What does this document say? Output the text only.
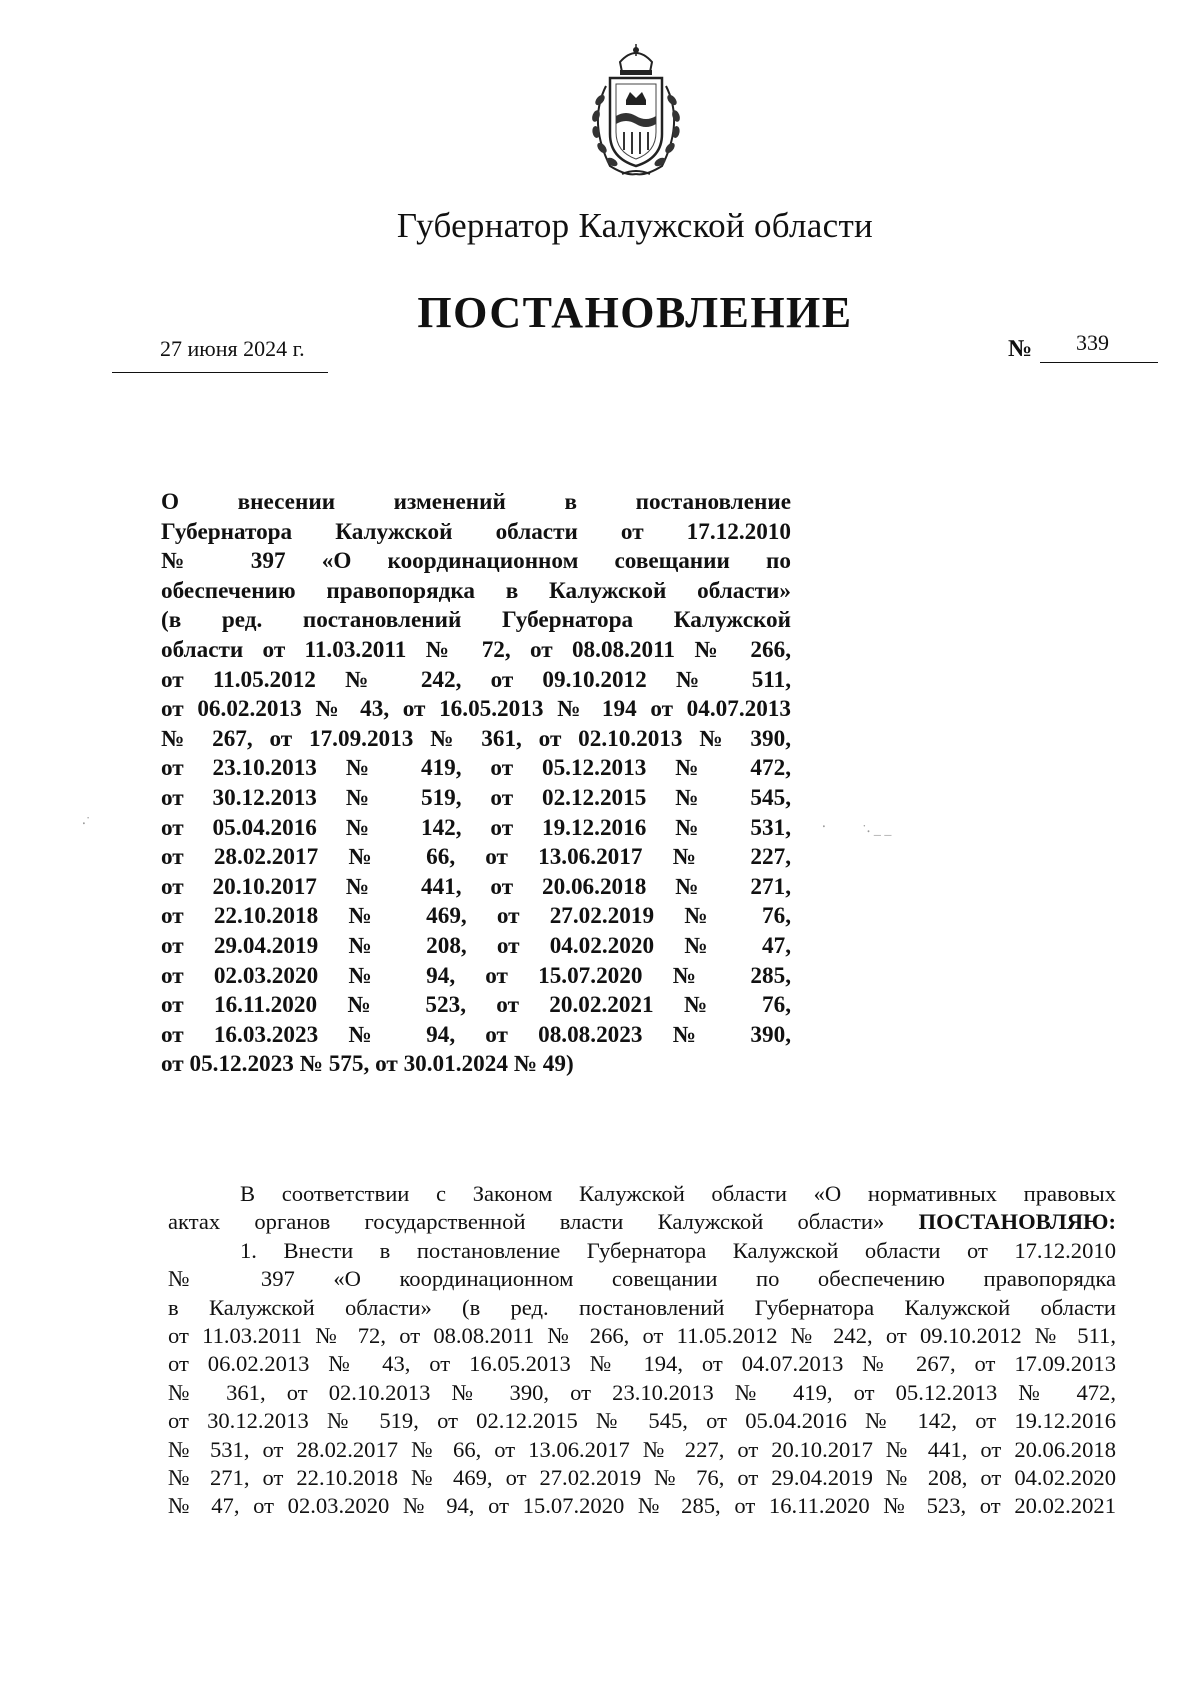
Губернатор Калужской области
ПОСТАНОВЛЕНИЕ
27 июня 2024 г.	№ 339
О внесении изменений в постановление
Губернатора Калужской области от 17.12.2010
№ 397 «О координационном совещании по
обеспечению правопорядка в Калужской области»
(в ред. постановлений Губернатора Калужской
области от 11.03.2011 № 72, от 08.08.2011 № 266,
от 11.05.2012 № 242, от 09.10.2012 № 511,
от 06.02.2013 № 43, от 16.05.2013 № 194 от 04.07.2013
№ 267, от 17.09.2013 № 361, от 02.10.2013 № 390,
от 23.10.2013 № 419, от 05.12.2013 № 472,
от 30.12.2013 № 519, от 02.12.2015 № 545,
от 05.04.2016 № 142, от 19.12.2016 № 531,
от 28.02.2017 № 66, от 13.06.2017 № 227,
от 20.10.2017 № 441, от 20.06.2018 № 271,
от 22.10.2018 № 469, от 27.02.2019 № 76,
от 29.04.2019 № 208, от 04.02.2020 № 47,
от 02.03.2020 № 94, от 15.07.2020 № 285,
от 16.11.2020 № 523, от 20.02.2021 № 76,
от 16.03.2023 № 94, от 08.08.2023 № 390,
от 05.12.2023 № 575, от 30.01.2024 № 49)
⸳˙	⸳	˙⸳ _ _
В соответствии с Законом Калужской области «О нормативных правовых
актах органов государственной власти Калужской области» ПОСТАНОВЛЯЮ:
1. Внести в постановление Губернатора Калужской области от 17.12.2010
№ 397 «О координационном совещании по обеспечению правопорядка
в Калужской области» (в ред. постановлений Губернатора Калужской области
от 11.03.2011 № 72, от 08.08.2011 № 266, от 11.05.2012 № 242, от 09.10.2012 № 511,
от 06.02.2013 № 43, от 16.05.2013 № 194, от 04.07.2013 № 267, от 17.09.2013
№ 361, от 02.10.2013 № 390, от 23.10.2013 № 419, от 05.12.2013 № 472,
от 30.12.2013 № 519, от 02.12.2015 № 545, от 05.04.2016 № 142, от 19.12.2016
№ 531, от 28.02.2017 № 66, от 13.06.2017 № 227, от 20.10.2017 № 441, от 20.06.2018
№ 271, от 22.10.2018 № 469, от 27.02.2019 № 76, от 29.04.2019 № 208, от 04.02.2020
№ 47, от 02.03.2020 № 94, от 15.07.2020 № 285, от 16.11.2020 № 523, от 20.02.2021
